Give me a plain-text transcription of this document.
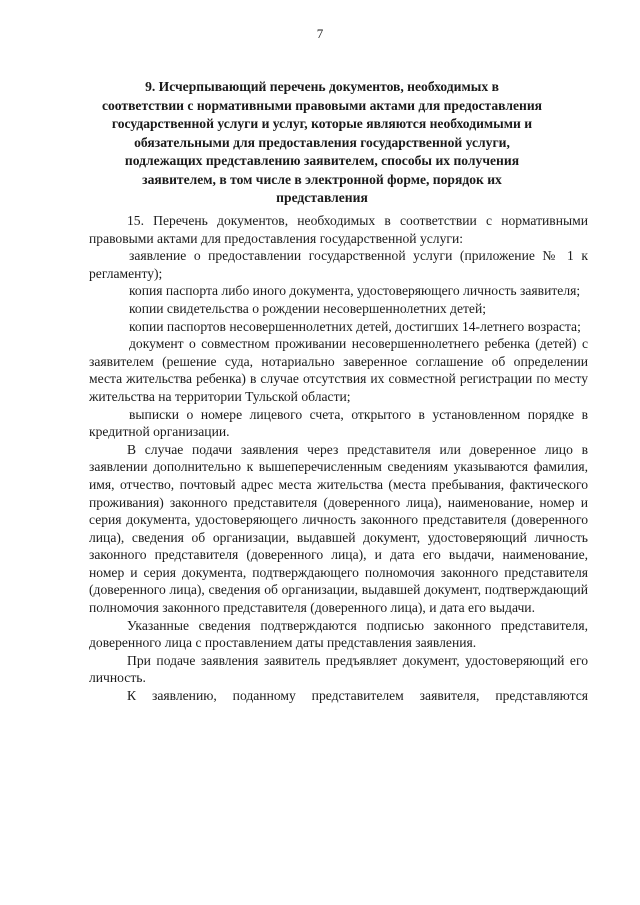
7
9. Исчерпывающий перечень документов, необходимых в
соответствии с нормативными правовыми актами для предоставления
государственной услуги и услуг, которые являются необходимыми и
обязательными для предоставления государственной услуги,
подлежащих представлению заявителем, способы их получения
заявителем, в том числе в электронной форме, порядок их
представления

15. Перечень документов, необходимых в соответствии с нормативными правовыми актами для предоставления государственной услуги:

заявление о предоставлении государственной услуги (приложение № 1 к регламенту);

копия паспорта либо иного документа, удостоверяющего личность заявителя;

копии свидетельства о рождении несовершеннолетних детей;

копии паспортов несовершеннолетних детей, достигших 14-летнего возраста;

документ о совместном проживании несовершеннолетнего ребенка (детей) с заявителем (решение суда, нотариально заверенное соглашение об определении места жительства ребенка) в случае отсутствия их совместной регистрации по месту жительства на территории Тульской области;

выписки о номере лицевого счета, открытого в установленном порядке в кредитной организации.

В случае подачи заявления через представителя или доверенное лицо в заявлении дополнительно к вышеперечисленным сведениям указываются фамилия, имя, отчество, почтовый адрес места жительства (места пребывания, фактического проживания) законного представителя (доверенного лица), наименование, номер и серия документа, удостоверяющего личность законного представителя (доверенного лица), сведения об организации, выдавшей документ, удостоверяющий личность законного представителя (доверенного лица), и дата его выдачи, наименование, номер и серия документа, подтверждающего полномочия законного представителя (доверенного лица), сведения об организации, выдавшей документ, подтверждающий полномочия законного представителя (доверенного лица), и дата его выдачи.

Указанные сведения подтверждаются подписью законного представителя, доверенного лица с проставлением даты представления заявления.

При подаче заявления заявитель предъявляет документ, удостоверяющий его личность.

К заявлению, поданному представителем заявителя, представляются
